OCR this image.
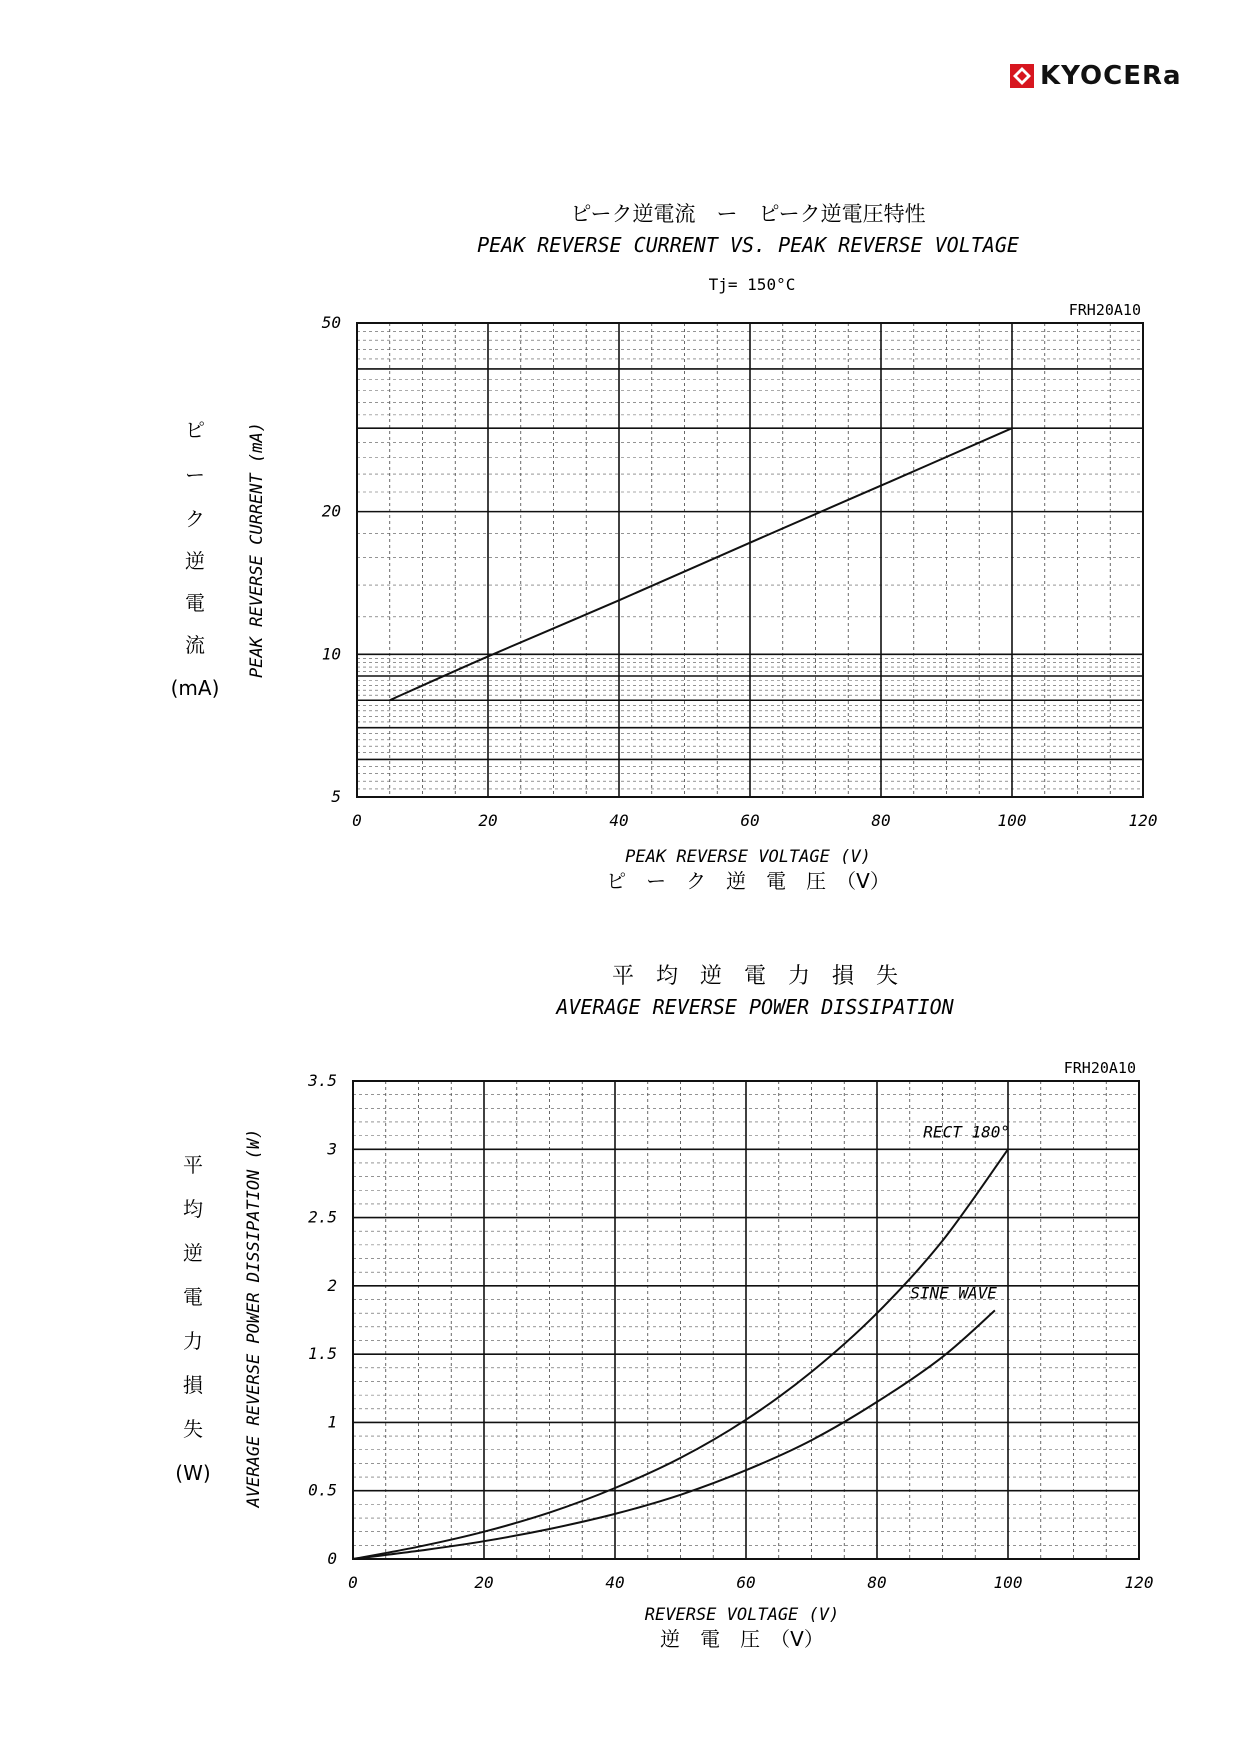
KYOCERa
ピーク逆電流　ー　ピーク逆電圧特性
PEAK REVERSE CURRENT VS. PEAK REVERSE VOLTAGE
Tj= 150°C
FRH20A10
PEAK REVERSE VOLTAGE (V)
ピ　ー　ク　逆　電　圧　（V）
PEAK REVERSE CURRENT (mA)
ピ
ー
ク
逆
電
流
(mA)
0	20	40	60	80	100	120
5
10
20
50
平　均　逆　電　力　損　失
AVERAGE REVERSE POWER DISSIPATION
FRH20A10
REVERSE VOLTAGE (V)
逆　電　圧　（V）
AVERAGE REVERSE POWER DISSIPATION (W)
平
均
逆
電
力
損
失
(W)
0	20	40	60	80	100	120
0
0.5
1
1.5
2
2.5
3
3.5
RECT 180°
SINE WAVE
